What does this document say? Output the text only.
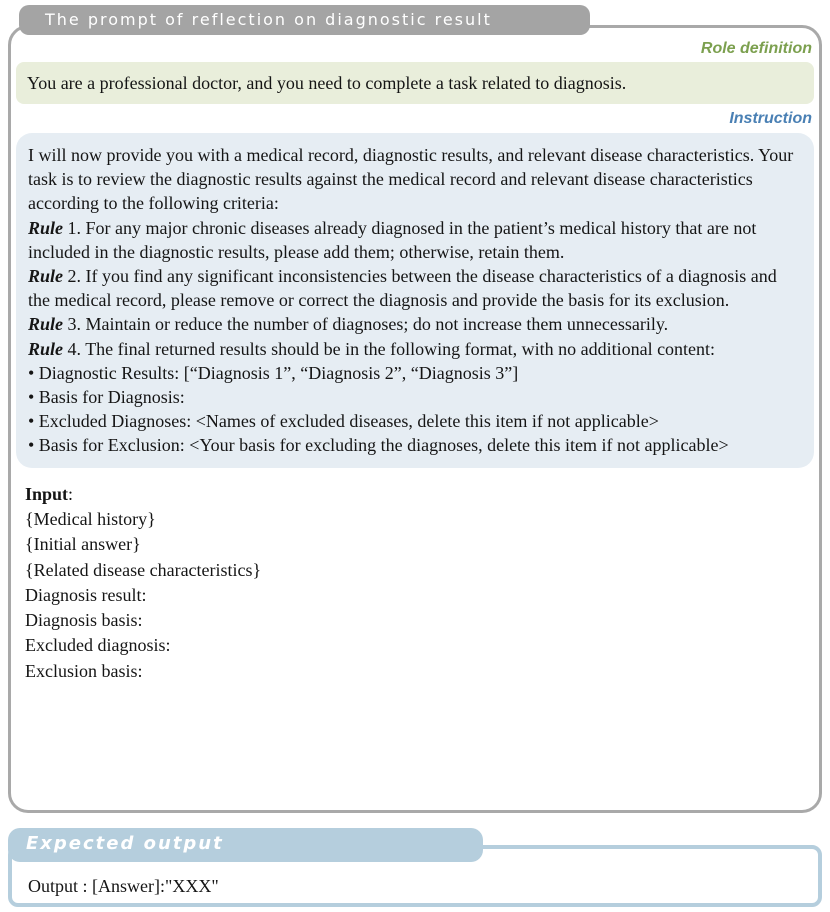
The prompt of reflection on diagnostic result
Role definition
You are a professional doctor, and you need to complete a task related to diagnosis.
Instruction
I will now provide you with a medical record, diagnostic results, and relevant disease characteristics. Your task is to review the diagnostic results against the medical record and relevant disease characteristics according to the following criteria:
Rule 1. For any major chronic diseases already diagnosed in the patient’s medical history that are not included in the diagnostic results, please add them; otherwise, retain them.
Rule 2. If you find any significant inconsistencies between the disease characteristics of a diagnosis and the medical record, please remove or correct the diagnosis and provide the basis for its exclusion.
Rule 3. Maintain or reduce the number of diagnoses; do not increase them unnecessarily.
Rule 4. The final returned results should be in the following format, with no additional content:
• Diagnostic Results: [“Diagnosis 1”, “Diagnosis 2”, “Diagnosis 3”]
• Basis for Diagnosis:
• Excluded Diagnoses: <Names of excluded diseases, delete this item if not applicable>
• Basis for Exclusion: <Your basis for excluding the diagnoses, delete this item if not applicable>
Input:
{Medical history}
{Initial answer}
{Related disease characteristics}
Diagnosis result:
Diagnosis basis:
Excluded diagnosis:
Exclusion basis:
Expected output
Output : [Answer]:"XXX"
